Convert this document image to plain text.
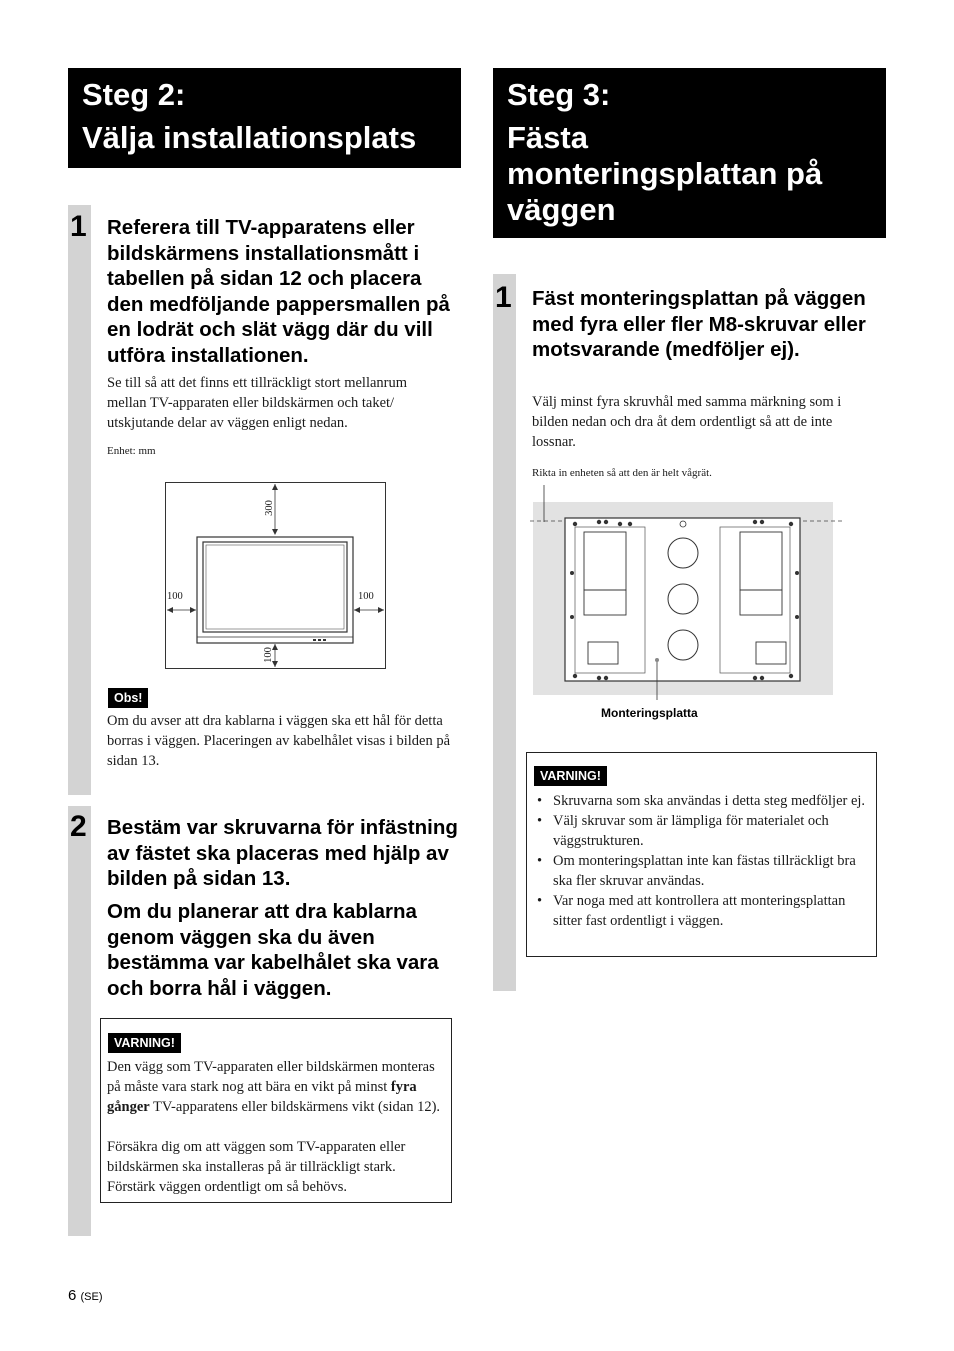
Steg 2:
Välja installationsplats
1 Referera till TV-apparatens eller bildskärmens installationsmått i tabellen på sidan 12 och placera den medföljande pappersmallen på en lodrät och slät vägg där du vill utföra installationen.
Se till så att det finns ett tillräckligt stort mellanrum mellan TV-apparaten eller bildskärmen och taket/ utskjutande delar av väggen enligt nedan.
Enhet: mm
300
100	100
100
Obs!
Om du avser att dra kablarna i väggen ska ett hål för detta borras i väggen. Placeringen av kabelhålet visas i bilden på sidan 13.
2 Bestäm var skruvarna för infästning av fästet ska placeras med hjälp av bilden på sidan 13.
Om du planerar att dra kablarna genom väggen ska du även bestämma var kabelhålet ska vara och borra hål i väggen.
VARNING!
Den vägg som TV-apparaten eller bildskärmen monteras på måste vara stark nog att bära en vikt på minst fyra gånger TV-apparatens eller bildskärmens vikt (sidan 12).
Försäkra dig om att väggen som TV-apparaten eller bildskärmen ska installeras på är tillräckligt stark. Förstärk väggen ordentligt om så behövs.
Steg 3:
Fästa
monteringsplattan på
väggen
1 Fäst monteringsplattan på väggen med fyra eller fler M8-skruvar eller motsvarande (medföljer ej).
Välj minst fyra skruvhål med samma märkning som i bilden nedan och dra åt dem ordentligt så att de inte lossnar.
Rikta in enheten så att den är helt vågrät.
Monteringsplatta
VARNING!
• Skruvarna som ska användas i detta steg medföljer ej.
• Välj skruvar som är lämpliga för materialet och väggstrukturen.
• Om monteringsplattan inte kan fästas tillräckligt bra ska fler skruvar användas.
• Var noga med att kontrollera att monteringsplattan sitter fast ordentligt i väggen.
6 (SE)
